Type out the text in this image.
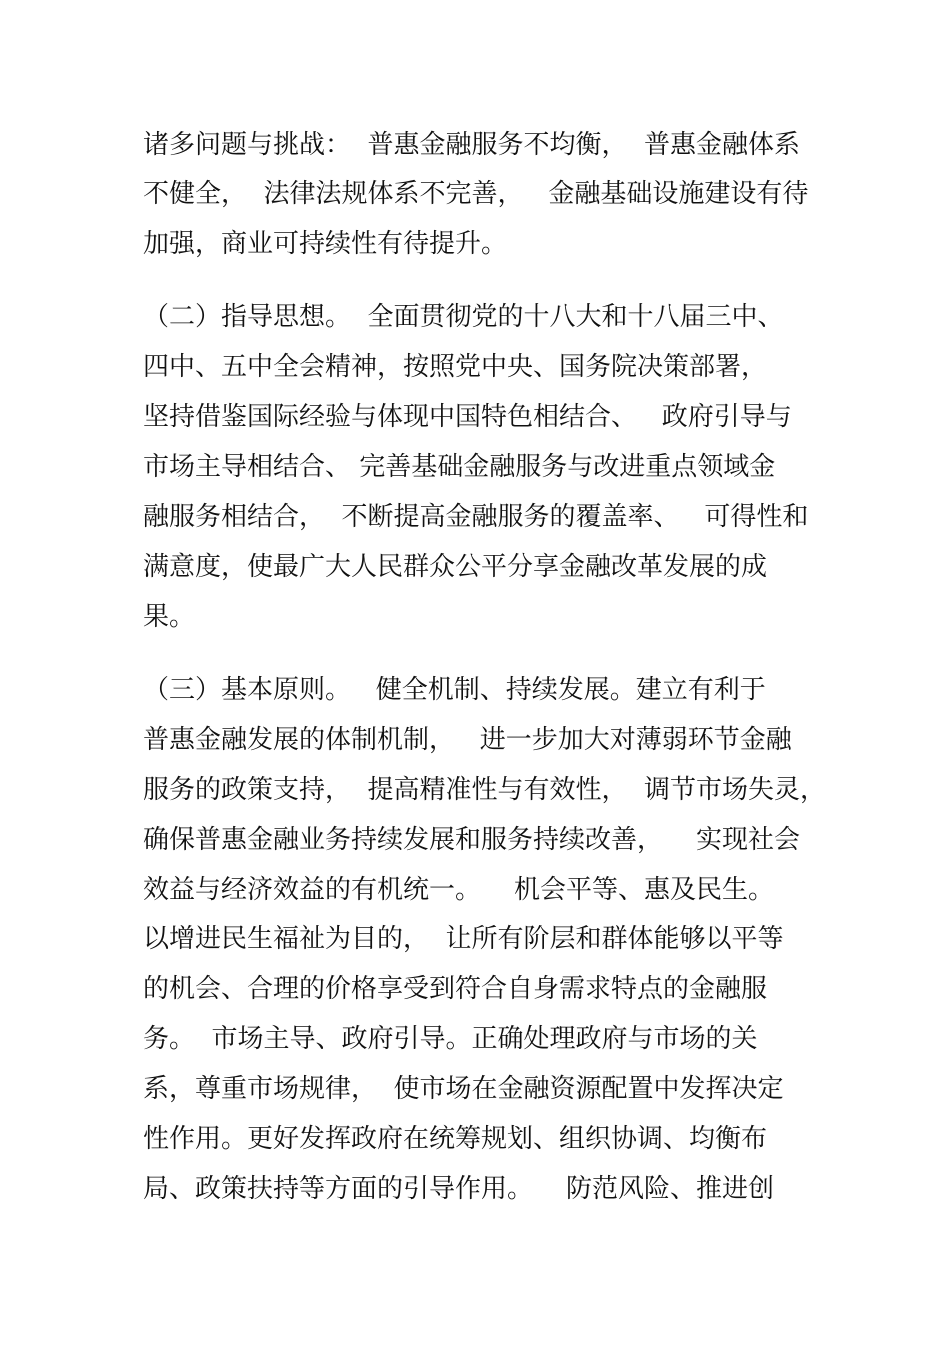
诸多问题与挑战：  普惠金融服务不均衡，  普惠金融体系
不健全，  法律法规体系不完善，   金融基础设施建设有待
加强，商业可持续性有待提升。
（二）指导思想。  全面贯彻党的十八大和十八届三中、
四中、五中全会精神，按照党中央、国务院决策部署，
坚持借鉴国际经验与体现中国特色相结合、   政府引导与
市场主导相结合、 完善基础金融服务与改进重点领域金
融服务相结合，  不断提高金融服务的覆盖率、   可得性和
满意度，使最广大人民群众公平分享金融改革发展的成
果。
（三）基本原则。   健全机制、持续发展。建立有利于
普惠金融发展的体制机制，   进一步加大对薄弱环节金融
服务的政策支持，  提高精准性与有效性，  调节市场失灵，
确保普惠金融业务持续发展和服务持续改善，    实现社会
效益与经济效益的有机统一。    机会平等、惠及民生。
以增进民生福祉为目的，  让所有阶层和群体能够以平等
的机会、合理的价格享受到符合自身需求特点的金融服
务。  市场主导、政府引导。正确处理政府与市场的关
系，尊重市场规律，  使市场在金融资源配置中发挥决定
性作用。更好发挥政府在统筹规划、组织协调、均衡布
局、政策扶持等方面的引导作用。    防范风险、推进创
